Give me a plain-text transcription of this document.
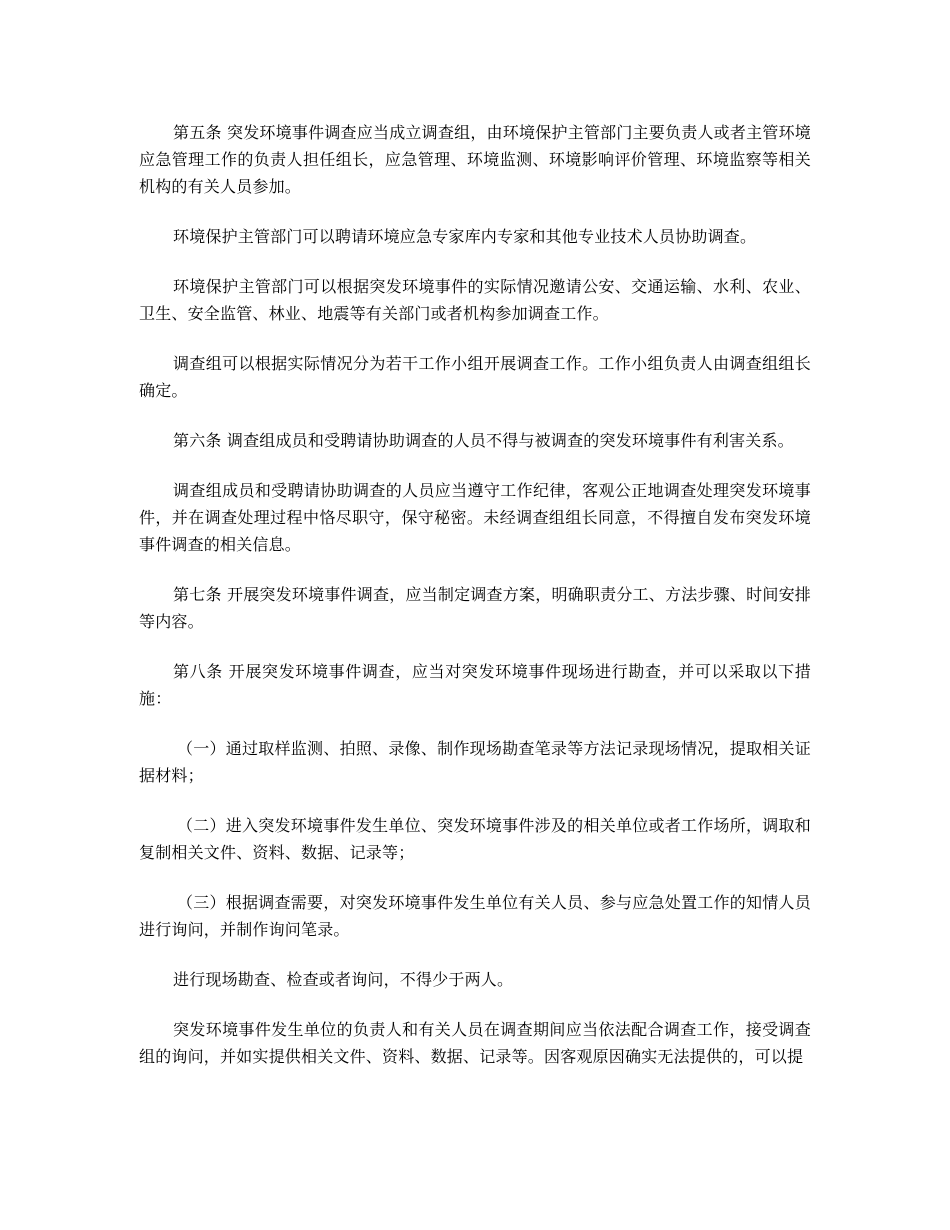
第五条 突发环境事件调查应当成立调查组，由环境保护主管部门主要负责人或者主管环境应急管理工作的负责人担任组长，应急管理、环境监测、环境影响评价管理、环境监察等相关机构的有关人员参加。

环境保护主管部门可以聘请环境应急专家库内专家和其他专业技术人员协助调查。

环境保护主管部门可以根据突发环境事件的实际情况邀请公安、交通运输、水利、农业、卫生、安全监管、林业、地震等有关部门或者机构参加调查工作。

调查组可以根据实际情况分为若干工作小组开展调查工作。工作小组负责人由调查组组长确定。

第六条 调查组成员和受聘请协助调查的人员不得与被调查的突发环境事件有利害关系。

调查组成员和受聘请协助调查的人员应当遵守工作纪律，客观公正地调查处理突发环境事件，并在调查处理过程中恪尽职守，保守秘密。未经调查组组长同意，不得擅自发布突发环境事件调查的相关信息。

第七条 开展突发环境事件调查，应当制定调查方案，明确职责分工、方法步骤、时间安排等内容。

第八条 开展突发环境事件调查，应当对突发环境事件现场进行勘查，并可以采取以下措施：

（一）通过取样监测、拍照、录像、制作现场勘查笔录等方法记录现场情况，提取相关证据材料；

（二）进入突发环境事件发生单位、突发环境事件涉及的相关单位或者工作场所，调取和复制相关文件、资料、数据、记录等；

（三）根据调查需要，对突发环境事件发生单位有关人员、参与应急处置工作的知情人员进行询问，并制作询问笔录。

进行现场勘查、检查或者询问，不得少于两人。

突发环境事件发生单位的负责人和有关人员在调查期间应当依法配合调查工作，接受调查组的询问，并如实提供相关文件、资料、数据、记录等。因客观原因确实无法提供的，可以提
